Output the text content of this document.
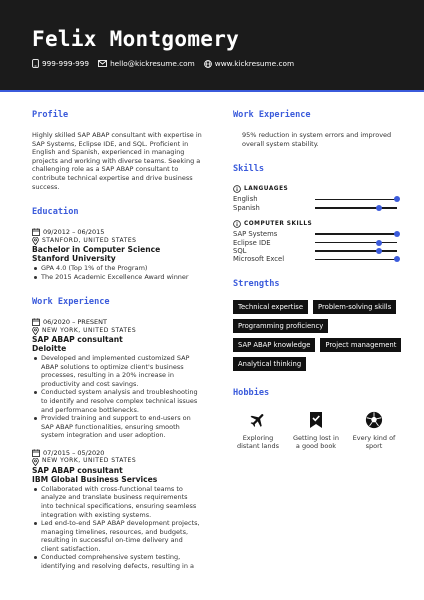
Felix Montgomery
999-999-999	hello@kickresume.com	www.kickresume.com
Profile
Highly skilled SAP ABAP consultant with expertise in SAP Systems, Eclipse IDE, and SQL. Proficient in English and Spanish, experienced in managing projects and working with diverse teams. Seeking a challenging role as a SAP ABAP consultant to contribute technical expertise and drive business success.
Education
09/2012 – 06/2015
STANFORD, UNITED STATES
Bachelor in Computer Science
Stanford University
GPA 4.0 (Top 1% of the Program)
The 2015 Academic Excellence Award winner
Work Experience
06/2020 – PRESENT
NEW YORK, UNITED STATES
SAP ABAP consultant
Deloitte
Developed and implemented customized SAP ABAP solutions to optimize client's business processes, resulting in a 20% increase in productivity and cost savings.
Conducted system analysis and troubleshooting to identify and resolve complex technical issues and performance bottlenecks.
Provided training and support to end-users on SAP ABAP functionalities, ensuring smooth system integration and user adoption.
07/2015 – 05/2020
NEW YORK, UNITED STATES
SAP ABAP consultant
IBM Global Business Services
Collaborated with cross-functional teams to analyze and translate business requirements into technical specifications, ensuring seamless integration with existing systems.
Led end-to-end SAP ABAP development projects, managing timelines, resources, and budgets, resulting in successful on-time delivery and client satisfaction.
Conducted comprehensive system testing, identifying and resolving defects, resulting in a
Work Experience
95% reduction in system errors and improved overall system stability.
Skills
LANGUAGES
English
Spanish
COMPUTER SKILLS
SAP Systems
Eclipse IDE
SQL
Microsoft Excel
Strengths
Technical expertise	Problem-solving skills
Programming proficiency
SAP ABAP knowledge	Project management
Analytical thinking
Hobbies
Exploring distant lands
Getting lost in a good book
Every kind of sport
